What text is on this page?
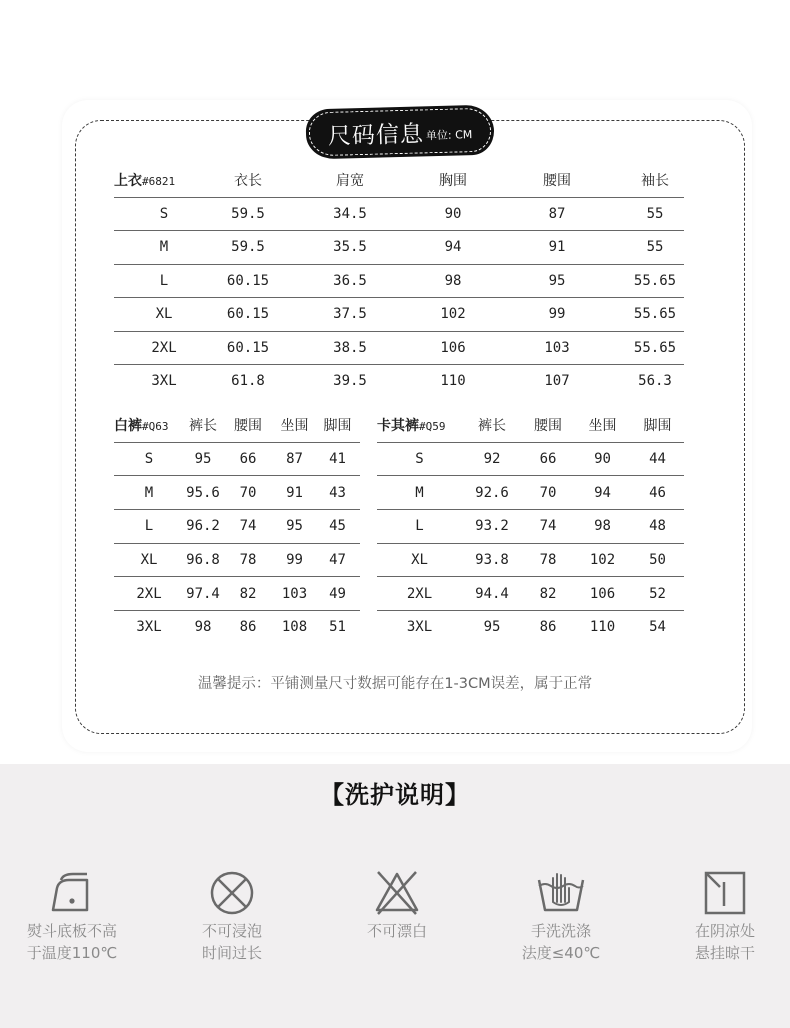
尺码信息 单位: CM
上衣#6821	衣长	肩宽	胸围	腰围	袖长
S	59.5	34.5	90	87	55
M	59.5	35.5	94	91	55
L	60.15	36.5	98	95	55.65
XL	60.15	37.5	102	99	55.65
2XL	60.15	38.5	106	103	55.65
3XL	61.8	39.5	110	107	56.3
白裤#Q63	裤长	腰围	坐围	脚围
S	95	66	87	41
M	95.6	70	91	43
L	96.2	74	95	45
XL	96.8	78	99	47
2XL	97.4	82	103	49
3XL	98	86	108	51
卡其裤#Q59	裤长	腰围	坐围	脚围
S	92	66	90	44
M	92.6	70	94	46
L	93.2	74	98	48
XL	93.8	78	102	50
2XL	94.4	82	106	52
3XL	95	86	110	54
温馨提示：平铺测量尺寸数据可能存在1-3CM误差，属于正常
【洗护说明】
熨斗底板不高
于温度110℃
不可浸泡
时间过长
不可漂白	手洗洗涤
法度≤40℃
在阴凉处
悬挂晾干
